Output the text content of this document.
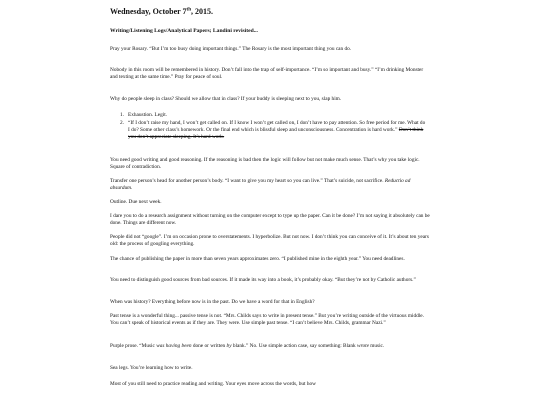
Wednesday, October 7th, 2015.
Writing/Listening Logs/Analytical Papers; Landini revisited...

Pray your Rosary. “But I’m too busy doing important things.” The Rosary is the most important thing you can do.

Nobody in this room will be remembered in history. Don’t fall into the trap of self-importance. “I’m so important and busy.” “I’m drinking Monster and texting at the same time.” Pray for peace of soul.

Why do people sleep in class? Should we allow that in class? If your buddy is sleeping next to you, slap him.

1. Exhaustion. Legit.
2. “If I don’t raise my hand, I won’t get called on. If I know I won’t get called on, I don’t have to pay attention. So free period for me. What do I do? Some other class’s homework. Or the final end which is blissful sleep and unconsciousness. Concentration is hard work.” Don’t think you don’t appreciate sleeping. It’s hard work.

You need good writing and good reasoning. If the reasoning is bad then the logic will follow but not make much sense. That’s why you take logic. Square of contradiction.

Transfer one person’s head for another person’s body. “I want to give you my heart so you can live.” That’s suicide, not sacrifice. Reductio ad absurdum.

Outline. Due next week.

I dare you to do a research assignment without turning on the computer except to type up the paper. Can it be done? I’m not saying it absolutely can be done. Things are different now.

People did not “google”. I’m on occasion prone to overstatements. I hyperbolize. But not now. I don’t think you can conceive of it. It’s about ten years old: the process of googling everything.

The chance of publishing the paper in more than seven years approximates zero. “I published mine in the eighth year.” You need deadlines.

You need to distinguish good sources from bad sources. If it made its way into a book, it’s probably okay. “But they’re not by Catholic authors.”

When was history? Everything before now is in the past. Do we have a word for that in English?

Past tense is a wonderful thing... passive tense is not. “Mrs. Childs says to write in present tense.” But you’re writing outside of the virtuous middle. You can’t speak of historical events as if they are. They were. Use simple past tense. “I can’t believe Mrs. Childs, grammar Nazi.”

Purple prose. “Music was having been done or written by blank.” No. Use simple action case, say something: Blank wrote music.

Sea legs. You’re learning how to write.

Most of you still need to practice reading and writing. Your eyes move across the words, but how
